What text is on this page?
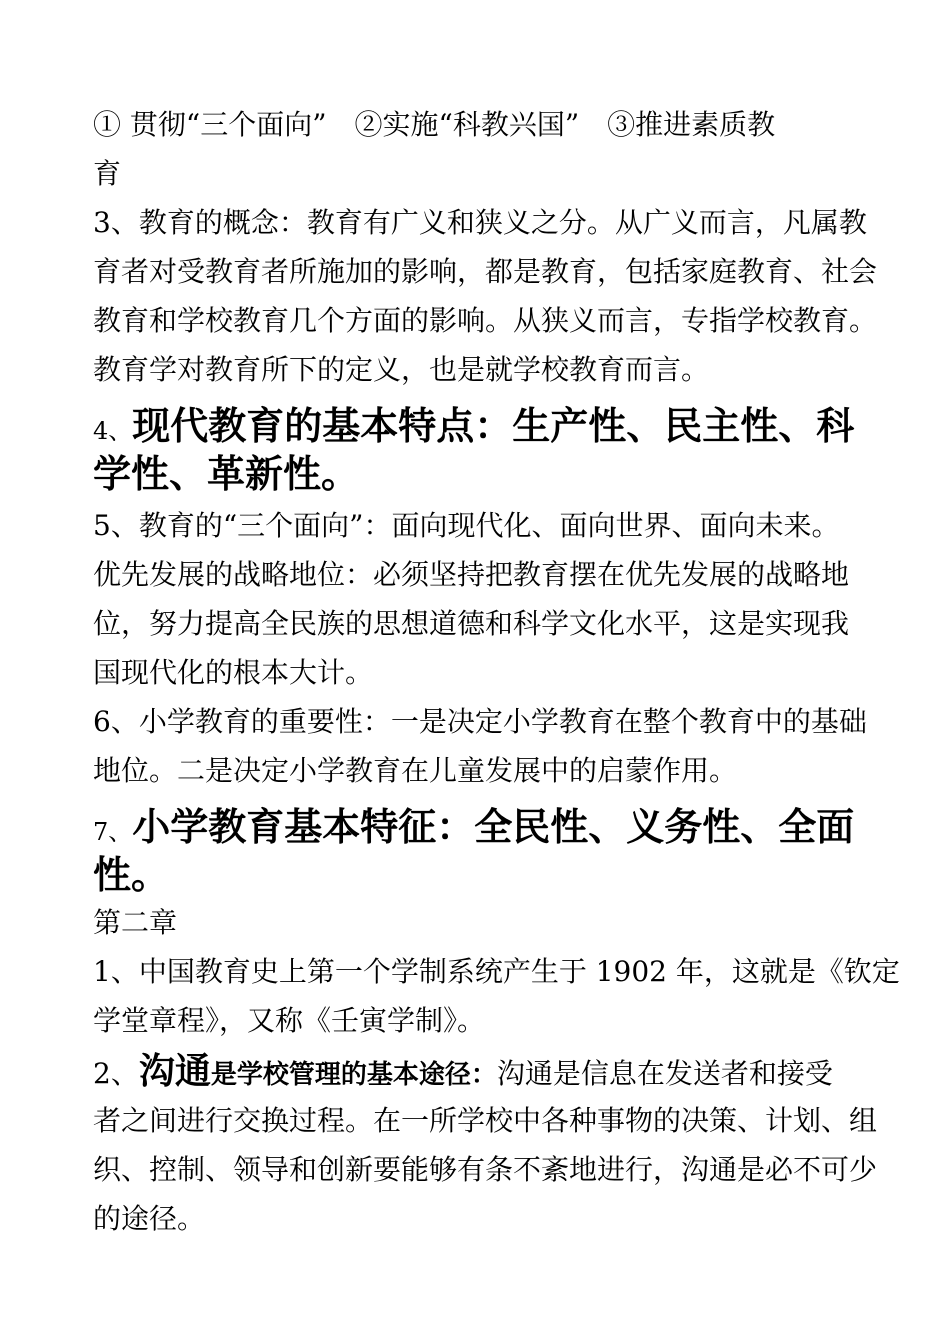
① 贯彻“三个面向”　②实施“科教兴国”　③推进素质教
育
3、教育的概念：教育有广义和狭义之分。从广义而言，凡属教
育者对受教育者所施加的影响，都是教育，包括家庭教育、社会
教育和学校教育几个方面的影响。从狭义而言，专指学校教育。
教育学对教育所下的定义，也是就学校教育而言。
4、现代教育的基本特点：生产性、民主性、科
学性、革新性。
5、教育的“三个面向”：面向现代化、面向世界、面向未来。
优先发展的战略地位：必须坚持把教育摆在优先发展的战略地
位，努力提高全民族的思想道德和科学文化水平，这是实现我
国现代化的根本大计。
6、小学教育的重要性：一是决定小学教育在整个教育中的基础
地位。二是决定小学教育在儿童发展中的启蒙作用。
7、小学教育基本特征：全民性、义务性、全面
性。
第二章
1、中国教育史上第一个学制系统产生于 1902 年，这就是《钦定
学堂章程》，又称《壬寅学制》。
2、沟通是学校管理的基本途径：沟通是信息在发送者和接受
者之间进行交换过程。在一所学校中各种事物的决策、计划、组
织、控制、领导和创新要能够有条不紊地进行，沟通是必不可少
的途径。
